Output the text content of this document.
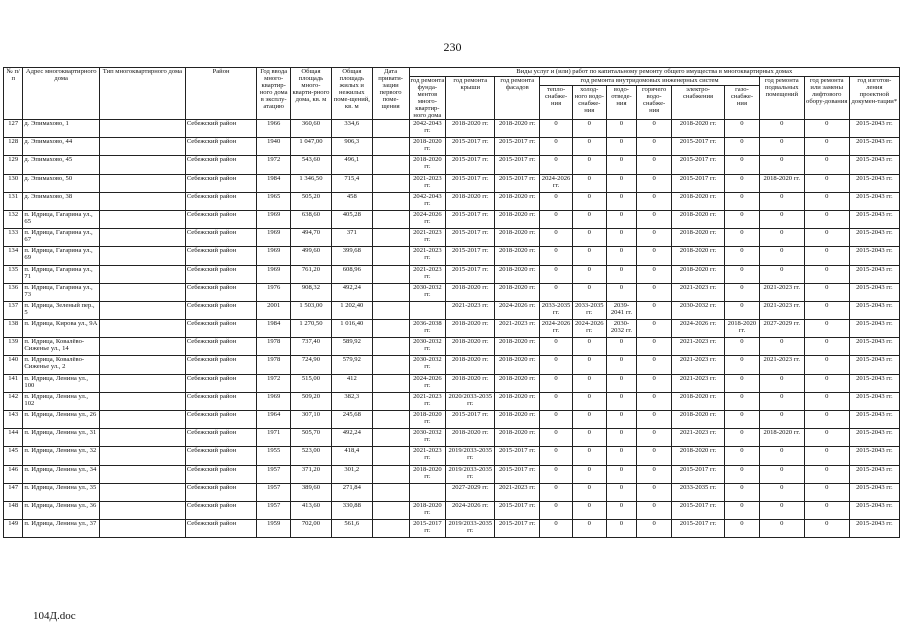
230
№ п/п	Адрес многоквартирного дома	Тип многоквартирного дома	Район	Год ввода много-квартир-ного дома в эксплу-атацию	Общая площадь много-кварти-рного дома, кв. м	Общая площадь жилых и нежилых поме-щений, кв. м	Дата привати-зации первого поме-щения	Виды услуг и (или) работ по капитальному ремонту общего имущества в многоквартирных домах											
								год ремонта фунда-ментов много-квартир-ного дома	год ремонта крыши	год ремонта фасадов	год ремонта внутридомовых инженерных систем						год ремонта подвальных помещений	год ремонта или замены лифтового обору-дования	год изготов-ления проектной докумен-тации*
											тепло-снабже-ния	холод-ного водо-снабже-ния	водо-отведе-ния	горячего водо-снабже-ния	электро-снабжения	газо-снабже-ния			
127	д. Эпимахово, 1		Себежский район	1966	360,60	334,6		2042-2043 гг.	2018-2020 гг.	2018-2020 гг.	0	0	0	0	2018-2020 гг.	0	0	0	2015-2043 гг.
128	д. Эпимахово, 44		Себежский район	1940	1 047,00	906,3		2018-2020 гг.	2015-2017 гг.	2015-2017 гг.	0	0	0	0	2015-2017 гг.	0	0	0	2015-2043 гг.
129	д. Эпимахово, 45		Себежский район	1972	543,60	496,1		2018-2020 гг.	2015-2017 гг.	2015-2017 гг.	0	0	0	0	2015-2017 гг.	0	0	0	2015-2043 гг.
130	д. Эпимахово, 50		Себежский район	1984	1 346,50	715,4		2021-2023 гг.	2015-2017 гг.	2015-2017 гг.	2024-2026 гг.	0	0	0	2015-2017 гг.	0	2018-2020 гг.	0	2015-2043 гг.
131	д. Эпимахово, 38		Себежский район	1965	505,20	458		2042-2043 гг.	2018-2020 гг.	2018-2020 гг.	0	0	0	0	2018-2020 гг.	0	0	0	2015-2043 гг.
132	п. Идрица, Гагарина ул., 65		Себежский район	1969	638,60	405,28		2024-2026 гг.	2015-2017 гг.	2018-2020 гг.	0	0	0	0	2018-2020 гг.	0	0	0	2015-2043 гг.
133	п. Идрица, Гагарина ул., 67		Себежский район	1969	494,70	371		2021-2023 гг.	2015-2017 гг.	2018-2020 гг.	0	0	0	0	2018-2020 гг.	0	0	0	2015-2043 гг.
134	п. Идрица, Гагарина ул., 69		Себежский район	1969	499,60	399,68		2021-2023 гг.	2015-2017 гг.	2018-2020 гг.	0	0	0	0	2018-2020 гг.	0	0	0	2015-2043 гг.
135	п. Идрица, Гагарина ул., 71		Себежский район	1969	761,20	608,96		2021-2023 гг.	2015-2017 гг.	2018-2020 гг.	0	0	0	0	2018-2020 гг.	0	0	0	2015-2043 гг.
136	п. Идрица, Гагарина ул., 73		Себежский район	1976	908,32	492,24		2030-2032 гг.	2018-2020 гг.	2018-2020 гг.	0	0	0	0	2021-2023 гг.	0	2021-2023 гг.	0	2015-2043 гг.
137	п. Идрица, Зеленый пер., 5		Себежский район	2001	1 503,00	1 202,40			2021-2023 гг.	2024-2026 гг.	2033-2035 гг.	2033-2035 гг.	2039-2041 гг.	0	2030-2032 гг.	0	2021-2023 гг.	0	2015-2043 гг.
138	п. Идрица, Кирова ул., 9А		Себежский район	1984	1 270,50	1 016,40		2036-2038 гг.	2018-2020 гг.	2021-2023 гг.	2024-2026 гг.	2024-2026 гг.	2030-2032 гг.	0	2024-2026 гг.	2018-2020 гг.	2027-2029 гг.	0	2015-2043 гг.
139	п. Идрица, Ковалёво-Сиженье ул., 14		Себежский район	1978	737,40	589,92		2030-2032 гг.	2018-2020 гг.	2018-2020 гг.	0	0	0	0	2021-2023 гг.	0	0	0	2015-2043 гг.
140	п. Идрица, Ковалёво-Сиженье ул., 2		Себежский район	1978	724,90	579,92		2030-2032 гг.	2018-2020 гг.	2018-2020 гг.	0	0	0	0	2021-2023 гг.	0	2021-2023 гг.	0	2015-2043 гг.
141	п. Идрица, Ленина ул., 100		Себежский район	1972	515,00	412		2024-2026 гг.	2018-2020 гг.	2018-2020 гг.	0	0	0	0	2021-2023 гг.	0	0	0	2015-2043 гг.
142	п. Идрица, Ленина ул., 102		Себежский район	1969	509,20	382,3		2021-2023 гг.	2020/2033-2035 гг.	2018-2020 гг.	0	0	0	0	2018-2020 гг.	0	0	0	2015-2043 гг.
143	п. Идрица, Ленина ул., 26		Себежский район	1964	307,10	245,68		2018-2020 гг.	2015-2017 гг.	2018-2020 гг.	0	0	0	0	2018-2020 гг.	0	0	0	2015-2043 гг.
144	п. Идрица, Ленина ул., 31		Себежский район	1971	505,70	492,24		2030-2032 гг.	2018-2020 гг.	2018-2020 гг.	0	0	0	0	2021-2023 гг.	0	2018-2020 гг.	0	2015-2043 гг.
145	п. Идрица, Ленина ул., 32		Себежский район	1955	523,00	418,4		2021-2023 гг.	2019/2033-2035 гг.	2015-2017 гг.	0	0	0	0	2018-2020 гг.	0	0	0	2015-2043 гг.
146	п. Идрица, Ленина ул., 34		Себежский район	1957	371,20	301,2		2018-2020 гг.	2019/2033-2035 гг.	2015-2017 гг.	0	0	0	0	2015-2017 гг.	0	0	0	2015-2043 гг.
147	п. Идрица, Ленина ул., 35		Себежский район	1957	389,60	271,84			2027-2029 гг.	2021-2023 гг.	0	0	0	0	2033-2035 гг.	0	0	0	2015-2043 гг.
148	п. Идрица, Ленина ул., 36		Себежский район	1957	413,60	330,88		2018-2020 гг.	2024-2026 гг.	2015-2017 гг.	0	0	0	0	2015-2017 гг.	0	0	0	2015-2043 гг.
149	п. Идрица, Ленина ул., 37		Себежский район	1959	702,00	561,6		2015-2017 гг.	2019/2033-2035 гг.	2015-2017 гг.	0	0	0	0	2015-2017 гг.	0	0	0	2015-2043 гг.
104Д.doc
